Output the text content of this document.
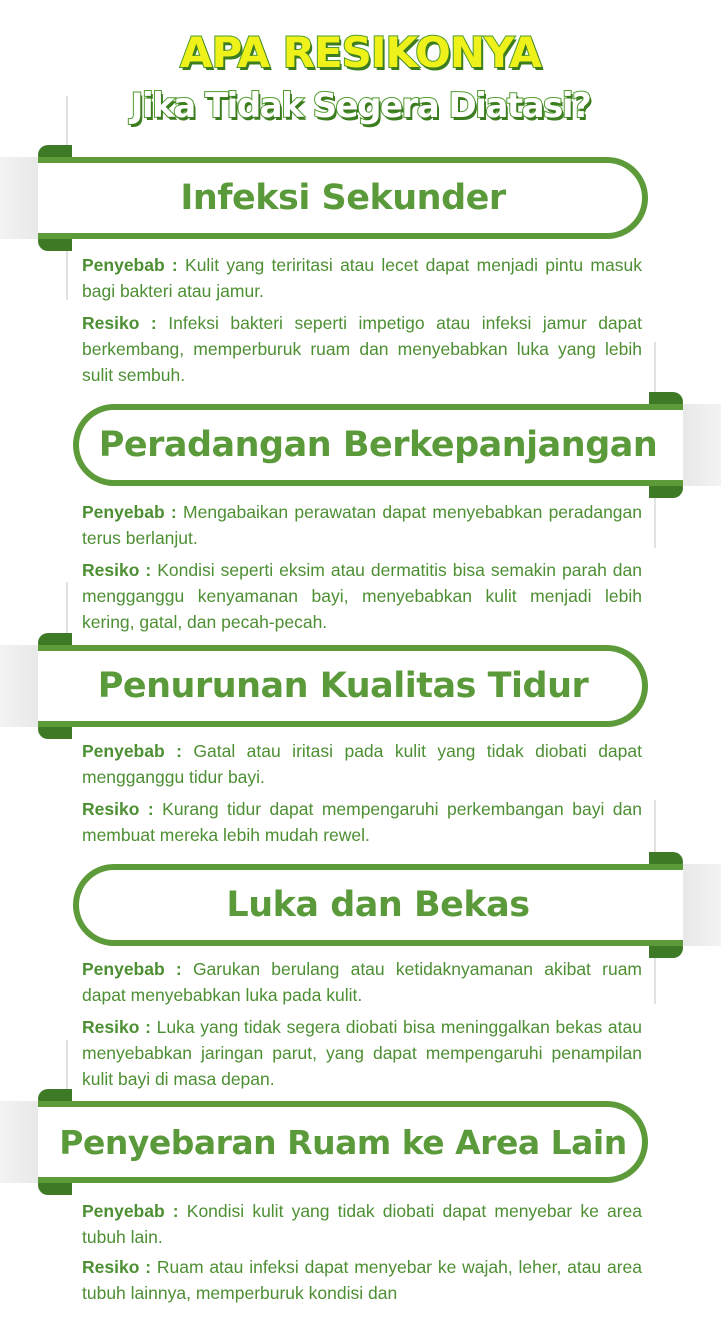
APA RESIKONYA
Jika Tidak Segera Diatasi?
Infeksi Sekunder

Penyebab : Kulit yang teriritasi atau lecet dapat menjadi pintu masuk bagi bakteri atau jamur.

Resiko : Infeksi bakteri seperti impetigo atau infeksi jamur dapat berkembang, memperburuk ruam dan menyebabkan luka yang lebih sulit sembuh.

Peradangan Berkepanjangan

Penyebab : Mengabaikan perawatan dapat menyebabkan peradangan terus berlanjut.

Resiko : Kondisi seperti eksim atau dermatitis bisa semakin parah dan mengganggu kenyamanan bayi, menyebabkan kulit menjadi lebih kering, gatal, dan pecah-pecah.

Penurunan Kualitas Tidur

Penyebab : Gatal atau iritasi pada kulit yang tidak diobati dapat mengganggu tidur bayi.

Resiko : Kurang tidur dapat mempengaruhi perkembangan bayi dan membuat mereka lebih mudah rewel.

Luka dan Bekas

Penyebab : Garukan berulang atau ketidaknyamanan akibat ruam dapat menyebabkan luka pada kulit.

Resiko : Luka yang tidak segera diobati bisa meninggalkan bekas atau menyebabkan jaringan parut, yang dapat mempengaruhi penampilan kulit bayi di masa depan.

Penyebaran Ruam ke Area Lain

Penyebab : Kondisi kulit yang tidak diobati dapat menyebar ke area tubuh lain.

Resiko : Ruam atau infeksi dapat menyebar ke wajah, leher, atau area tubuh lainnya, memperburuk kondisi dan
